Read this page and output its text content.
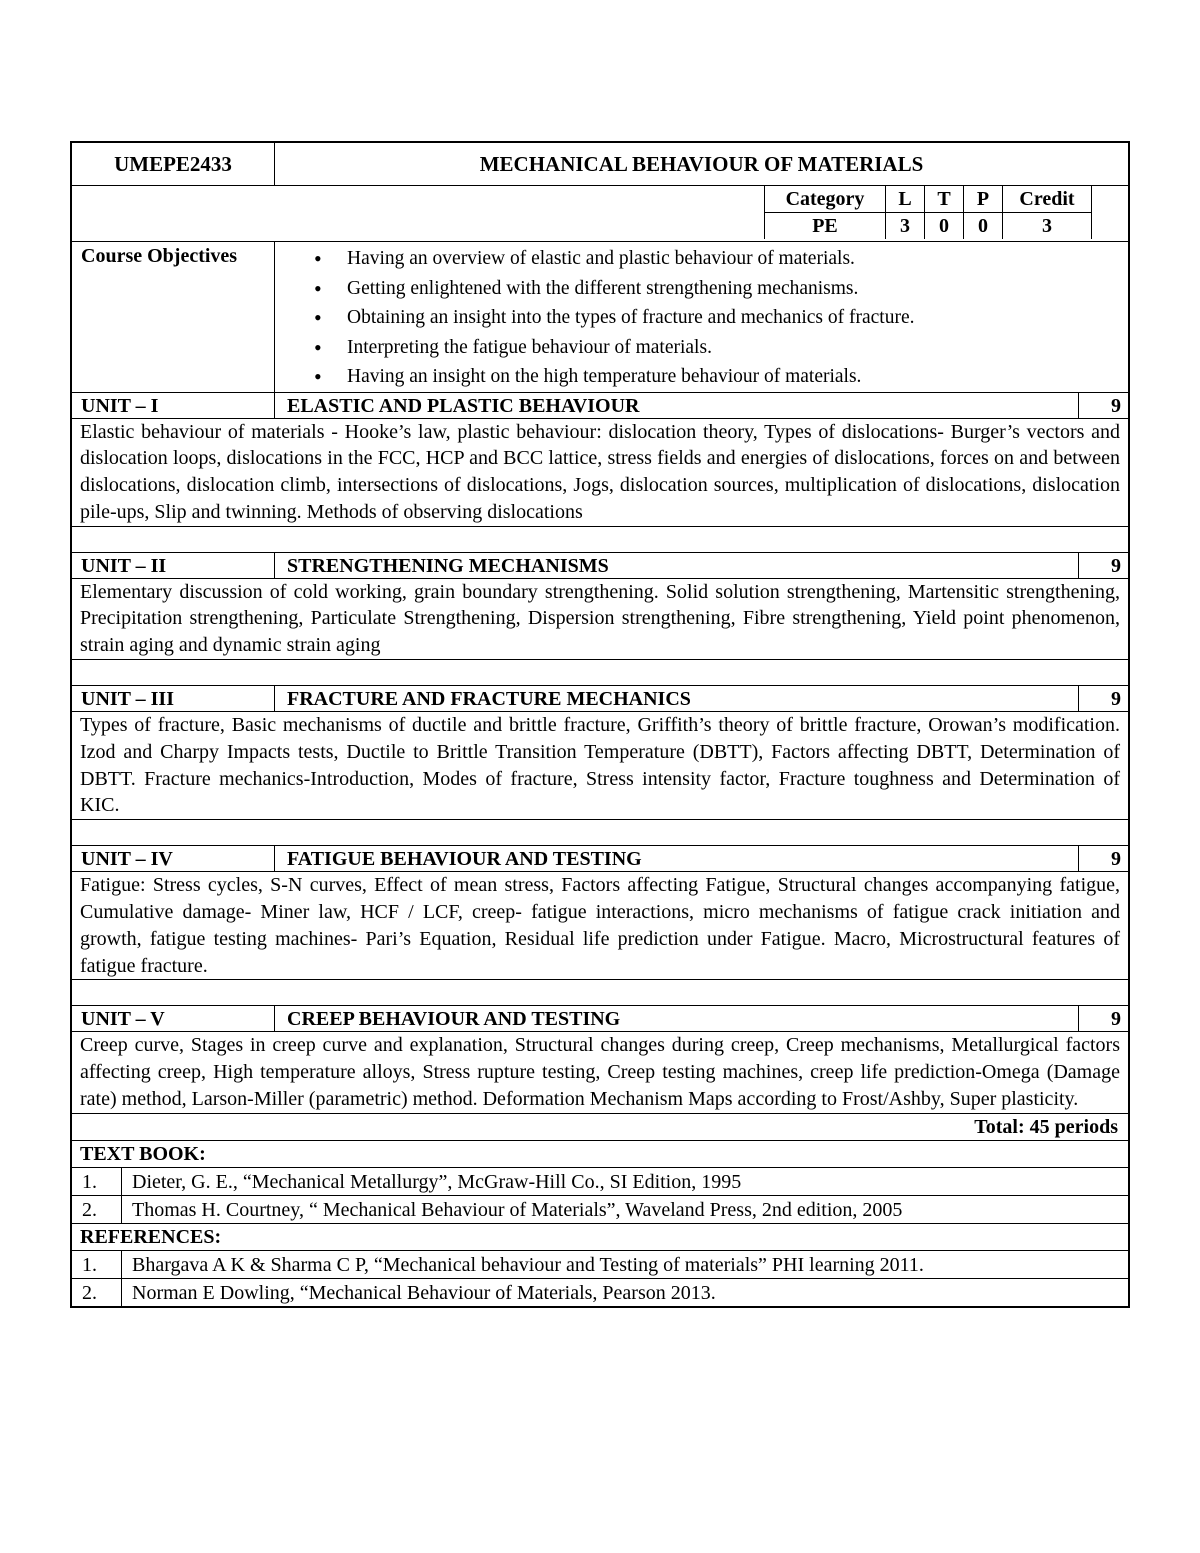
UMEPE2433	MECHANICAL BEHAVIOUR OF MATERIALS
Category	L	T	P	Credit
PE	3	0	0	3
Course Objectives	• Having an overview of elastic and plastic behaviour of materials.
• Getting enlightened with the different strengthening mechanisms.
• Obtaining an insight into the types of fracture and mechanics of fracture.
• Interpreting the fatigue behaviour of materials.
• Having an insight on the high temperature behaviour of materials.
UNIT – I	ELASTIC AND PLASTIC BEHAVIOUR	9
Elastic behaviour of materials - Hooke’s law, plastic behaviour: dislocation theory, Types of dislocations- Burger’s vectors and dislocation loops, dislocations in the FCC, HCP and BCC lattice, stress fields and energies of dislocations, forces on and between dislocations, dislocation climb, intersections of dislocations, Jogs, dislocation sources, multiplication of dislocations, dislocation pile-ups, Slip and twinning. Methods of observing dislocations
UNIT – II	STRENGTHENING MECHANISMS	9
Elementary discussion of cold working, grain boundary strengthening. Solid solution strengthening, Martensitic strengthening, Precipitation strengthening, Particulate Strengthening, Dispersion strengthening, Fibre strengthening, Yield point phenomenon, strain aging and dynamic strain aging
UNIT – III	FRACTURE AND FRACTURE MECHANICS	9
Types of fracture, Basic mechanisms of ductile and brittle fracture, Griffith’s theory of brittle fracture, Orowan’s modification. Izod and Charpy Impacts tests, Ductile to Brittle Transition Temperature (DBTT), Factors affecting DBTT, Determination of DBTT. Fracture mechanics-Introduction, Modes of fracture, Stress intensity factor, Fracture toughness and Determination of KIC.
UNIT – IV	FATIGUE BEHAVIOUR AND TESTING	9
Fatigue: Stress cycles, S-N curves, Effect of mean stress, Factors affecting Fatigue, Structural changes accompanying fatigue, Cumulative damage- Miner law, HCF / LCF, creep- fatigue interactions, micro mechanisms of fatigue crack initiation and growth, fatigue testing machines- Pari’s Equation, Residual life prediction under Fatigue. Macro, Microstructural features of fatigue fracture.
UNIT – V	CREEP BEHAVIOUR AND TESTING	9
Creep curve, Stages in creep curve and explanation, Structural changes during creep, Creep mechanisms, Metallurgical factors affecting creep, High temperature alloys, Stress rupture testing, Creep testing machines, creep life prediction-Omega (Damage rate) method, Larson-Miller (parametric) method. Deformation Mechanism Maps according to Frost/Ashby, Super plasticity.
Total: 45 periods
TEXT BOOK:
1.	Dieter, G. E., “Mechanical Metallurgy”, McGraw-Hill Co., SI Edition, 1995
2.	Thomas H. Courtney, “ Mechanical Behaviour of Materials”, Waveland Press, 2nd edition, 2005
REFERENCES:
1.	Bhargava A K & Sharma C P, “Mechanical behaviour and Testing of materials” PHI learning 2011.
2.	Norman E Dowling, “Mechanical Behaviour of Materials, Pearson 2013.
